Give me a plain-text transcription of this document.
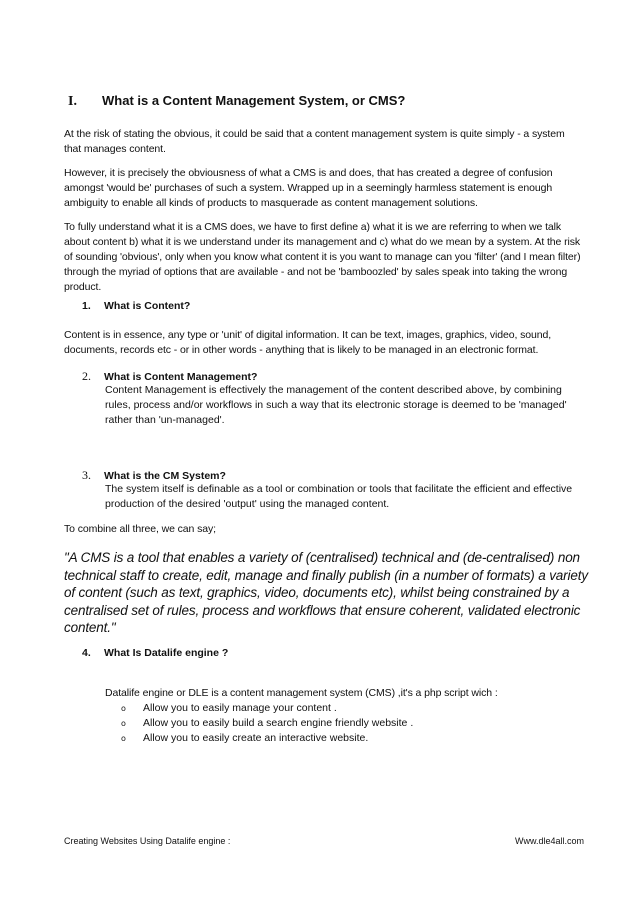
I. What is a Content Management System, or CMS?
At the risk of stating the obvious, it could be said that a content management system is quite simply - a system that manages content.
However, it is precisely the obviousness of what a CMS is and does, that has created a degree of confusion amongst 'would be' purchases of such a system. Wrapped up in a seemingly harmless statement is enough ambiguity to enable all kinds of products to masquerade as content management solutions.
To fully understand what it is a CMS does, we have to first define a) what it is we are referring to when we talk about content b) what it is we understand under its management and c) what do we mean by a system. At the risk of sounding 'obvious', only when you know what content it is you want to manage can you 'filter' (and I mean filter) through the myriad of options that are available - and not be 'bamboozled' by sales speak into taking the wrong product.
1. What is Content?
Content is in essence, any type or 'unit' of digital information. It can be text, images, graphics, video, sound, documents, records etc - or in other words - anything that is likely to be managed in an electronic format.
2. What is Content Management?
Content Management is effectively the management of the content described above, by combining rules, process and/or workflows in such a way that its electronic storage is deemed to be 'managed' rather than 'un-managed'.
3. What is the CM System?
The system itself is definable as a tool or combination or tools that facilitate the efficient and effective production of the desired 'output' using the managed content.
To combine all three, we can say;
"A CMS is a tool that enables a variety of (centralised) technical and (de-centralised) non technical staff to create, edit, manage and finally publish (in a number of formats) a variety of content (such as text, graphics, video, documents etc), whilst being constrained by a centralised set of rules, process and workflows that ensure coherent, validated electronic content."
4. What Is Datalife engine ?
Datalife engine or DLE is a content management system (CMS) ,it's a php script wich :
o Allow you to easily manage your content .
o Allow you to easily build a search engine friendly website .
o Allow you to easily create an interactive website.
Creating Websites Using Datalife engine :	Www.dle4all.com
